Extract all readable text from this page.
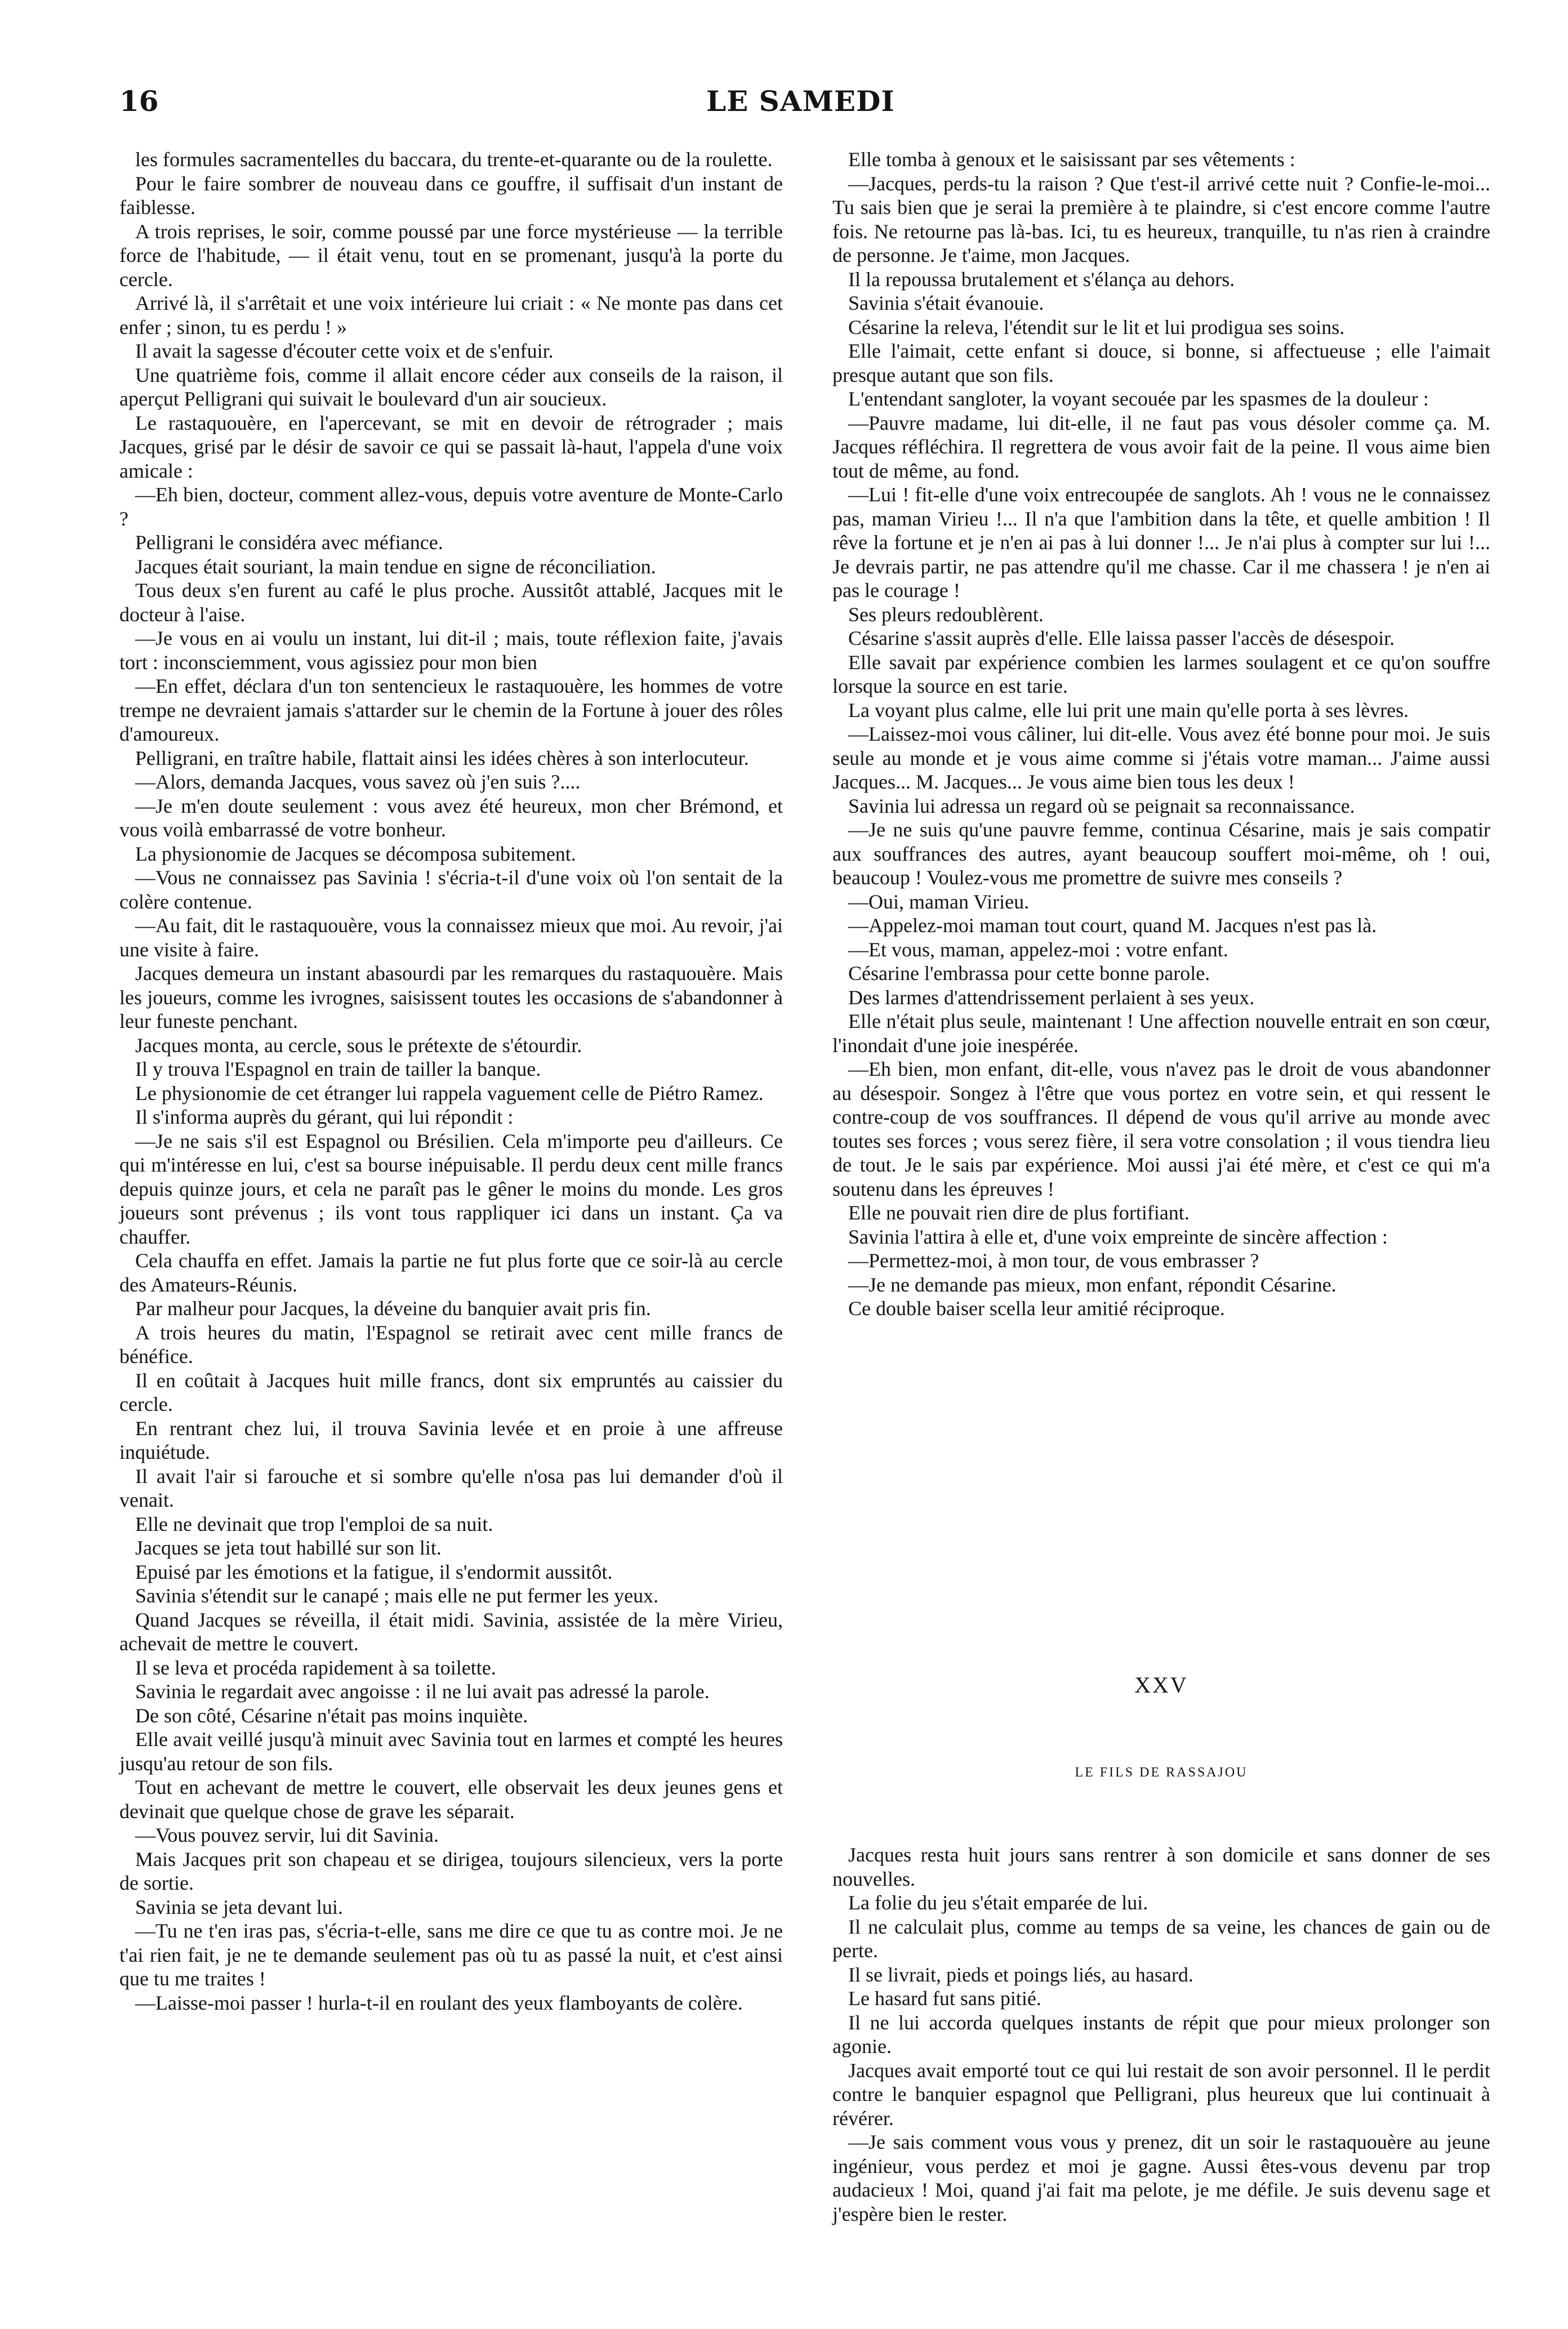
16	LE SAMEDI

les formules sacramentelles du baccara, du trente-et-quarante ou de la roulette.

Pour le faire sombrer de nouveau dans ce gouffre, il suffisait d'un instant de faiblesse.

A trois reprises, le soir, comme poussé par une force mystérieuse — la terrible force de l'habitude, — il était venu, tout en se promenant, jusqu'à la porte du cercle.

Arrivé là, il s'arrêtait et une voix intérieure lui criait : « Ne monte pas dans cet enfer ; sinon, tu es perdu ! »

Il avait la sagesse d'écouter cette voix et de s'enfuir.

Une quatrième fois, comme il allait encore céder aux conseils de la raison, il aperçut Pelligrani qui suivait le boulevard d'un air soucieux.

Le rastaquouère, en l'apercevant, se mit en devoir de rétrograder ; mais Jacques, grisé par le désir de savoir ce qui se passait là-haut, l'appela d'une voix amicale :

—Eh bien, docteur, comment allez-vous, depuis votre aventure de Monte-Carlo ?

Pelligrani le considéra avec méfiance.

Jacques était souriant, la main tendue en signe de réconciliation.

Tous deux s'en furent au café le plus proche. Aussitôt attablé, Jacques mit le docteur à l'aise.

—Je vous en ai voulu un instant, lui dit-il ; mais, toute réflexion faite, j'avais tort : inconsciemment, vous agissiez pour mon bien

—En effet, déclara d'un ton sentencieux le rastaquouère, les hommes de votre trempe ne devraient jamais s'attarder sur le chemin de la Fortune à jouer des rôles d'amoureux.

Pelligrani, en traître habile, flattait ainsi les idées chères à son interlocuteur.

—Alors, demanda Jacques, vous savez où j'en suis ?....

—Je m'en doute seulement : vous avez été heureux, mon cher Brémond, et vous voilà embarrassé de votre bonheur.

La physionomie de Jacques se décomposa subitement.

—Vous ne connaissez pas Savinia ! s'écria-t-il d'une voix où l'on sentait de la colère contenue.

—Au fait, dit le rastaquouère, vous la connaissez mieux que moi. Au revoir, j'ai une visite à faire.

Jacques demeura un instant abasourdi par les remarques du rastaquouère. Mais les joueurs, comme les ivrognes, saisissent toutes les occasions de s'abandonner à leur funeste penchant.

Jacques monta, au cercle, sous le prétexte de s'étourdir.

Il y trouva l'Espagnol en train de tailler la banque.

Le physionomie de cet étranger lui rappela vaguement celle de Piétro Ramez.

Il s'informa auprès du gérant, qui lui répondit :

—Je ne sais s'il est Espagnol ou Brésilien. Cela m'importe peu d'ailleurs. Ce qui m'intéresse en lui, c'est sa bourse inépuisable. Il perdu deux cent mille francs depuis quinze jours, et cela ne paraît pas le gêner le moins du monde. Les gros joueurs sont prévenus ; ils vont tous rappliquer ici dans un instant. Ça va chauffer.

Cela chauffa en effet. Jamais la partie ne fut plus forte que ce soir-là au cercle des Amateurs-Réunis.

Par malheur pour Jacques, la déveine du banquier avait pris fin.

A trois heures du matin, l'Espagnol se retirait avec cent mille francs de bénéfice.

Il en coûtait à Jacques huit mille francs, dont six empruntés au caissier du cercle.

En rentrant chez lui, il trouva Savinia levée et en proie à une affreuse inquiétude.

Il avait l'air si farouche et si sombre qu'elle n'osa pas lui demander d'où il venait.

Elle ne devinait que trop l'emploi de sa nuit.

Jacques se jeta tout habillé sur son lit.

Epuisé par les émotions et la fatigue, il s'endormit aussitôt.

Savinia s'étendit sur le canapé ; mais elle ne put fermer les yeux.

Quand Jacques se réveilla, il était midi. Savinia, assistée de la mère Virieu, achevait de mettre le couvert.

Il se leva et procéda rapidement à sa toilette.

Savinia le regardait avec angoisse : il ne lui avait pas adressé la parole.

De son côté, Césarine n'était pas moins inquiète.

Elle avait veillé jusqu'à minuit avec Savinia tout en larmes et compté les heures jusqu'au retour de son fils.

Tout en achevant de mettre le couvert, elle observait les deux jeunes gens et devinait que quelque chose de grave les séparait.

—Vous pouvez servir, lui dit Savinia.

Mais Jacques prit son chapeau et se dirigea, toujours silencieux, vers la porte de sortie.

Savinia se jeta devant lui.

—Tu ne t'en iras pas, s'écria-t-elle, sans me dire ce que tu as contre moi. Je ne t'ai rien fait, je ne te demande seulement pas où tu as passé la nuit, et c'est ainsi que tu me traites !

—Laisse-moi passer ! hurla-t-il en roulant des yeux flamboyants de colère.

Elle tomba à genoux et le saisissant par ses vêtements :

—Jacques, perds-tu la raison ? Que t'est-il arrivé cette nuit ? Confie-le-moi... Tu sais bien que je serai la première à te plaindre, si c'est encore comme l'autre fois. Ne retourne pas là-bas. Ici, tu es heureux, tranquille, tu n'as rien à craindre de personne. Je t'aime, mon Jacques.

Il la repoussa brutalement et s'élança au dehors.

Savinia s'était évanouie.

Césarine la releva, l'étendit sur le lit et lui prodigua ses soins.

Elle l'aimait, cette enfant si douce, si bonne, si affectueuse ; elle l'aimait presque autant que son fils.

L'entendant sangloter, la voyant secouée par les spasmes de la douleur :

—Pauvre madame, lui dit-elle, il ne faut pas vous désoler comme ça. M. Jacques réfléchira. Il regrettera de vous avoir fait de la peine. Il vous aime bien tout de même, au fond.

—Lui ! fit-elle d'une voix entrecoupée de sanglots. Ah ! vous ne le connaissez pas, maman Virieu !... Il n'a que l'ambition dans la tête, et quelle ambition ! Il rêve la fortune et je n'en ai pas à lui donner !... Je n'ai plus à compter sur lui !... Je devrais partir, ne pas attendre qu'il me chasse. Car il me chassera ! je n'en ai pas le courage !

Ses pleurs redoublèrent.

Césarine s'assit auprès d'elle. Elle laissa passer l'accès de désespoir.

Elle savait par expérience combien les larmes soulagent et ce qu'on souffre lorsque la source en est tarie.

La voyant plus calme, elle lui prit une main qu'elle porta à ses lèvres.

—Laissez-moi vous câliner, lui dit-elle. Vous avez été bonne pour moi. Je suis seule au monde et je vous aime comme si j'étais votre maman... J'aime aussi Jacques... M. Jacques... Je vous aime bien tous les deux !

Savinia lui adressa un regard où se peignait sa reconnaissance.

—Je ne suis qu'une pauvre femme, continua Césarine, mais je sais compatir aux souffrances des autres, ayant beaucoup souffert moi-même, oh ! oui, beaucoup ! Voulez-vous me promettre de suivre mes conseils ?

—Oui, maman Virieu.

—Appelez-moi maman tout court, quand M. Jacques n'est pas là.

—Et vous, maman, appelez-moi : votre enfant.

Césarine l'embrassa pour cette bonne parole.

Des larmes d'attendrissement perlaient à ses yeux.

Elle n'était plus seule, maintenant ! Une affection nouvelle entrait en son cœur, l'inondait d'une joie inespérée.

—Eh bien, mon enfant, dit-elle, vous n'avez pas le droit de vous abandonner au désespoir. Songez à l'être que vous portez en votre sein, et qui ressent le contre-coup de vos souffrances. Il dépend de vous qu'il arrive au monde avec toutes ses forces ; vous serez fière, il sera votre consolation ; il vous tiendra lieu de tout. Je le sais par expérience. Moi aussi j'ai été mère, et c'est ce qui m'a soutenu dans les épreuves !

Elle ne pouvait rien dire de plus fortifiant.

Savinia l'attira à elle et, d'une voix empreinte de sincère affection :

—Permettez-moi, à mon tour, de vous embrasser ?

—Je ne demande pas mieux, mon enfant, répondit Césarine.

Ce double baiser scella leur amitié réciproque.

XXV
LE FILS DE RASSAJOU

Jacques resta huit jours sans rentrer à son domicile et sans donner de ses nouvelles.

La folie du jeu s'était emparée de lui.

Il ne calculait plus, comme au temps de sa veine, les chances de gain ou de perte.

Il se livrait, pieds et poings liés, au hasard.

Le hasard fut sans pitié.

Il ne lui accorda quelques instants de répit que pour mieux prolonger son agonie.

Jacques avait emporté tout ce qui lui restait de son avoir personnel. Il le perdit contre le banquier espagnol que Pelligrani, plus heureux que lui continuait à révérer.

—Je sais comment vous vous y prenez, dit un soir le rastaquouère au jeune ingénieur, vous perdez et moi je gagne. Aussi êtes-vous devenu par trop audacieux ! Moi, quand j'ai fait ma pelote, je me défile. Je suis devenu sage et j'espère bien le rester.
